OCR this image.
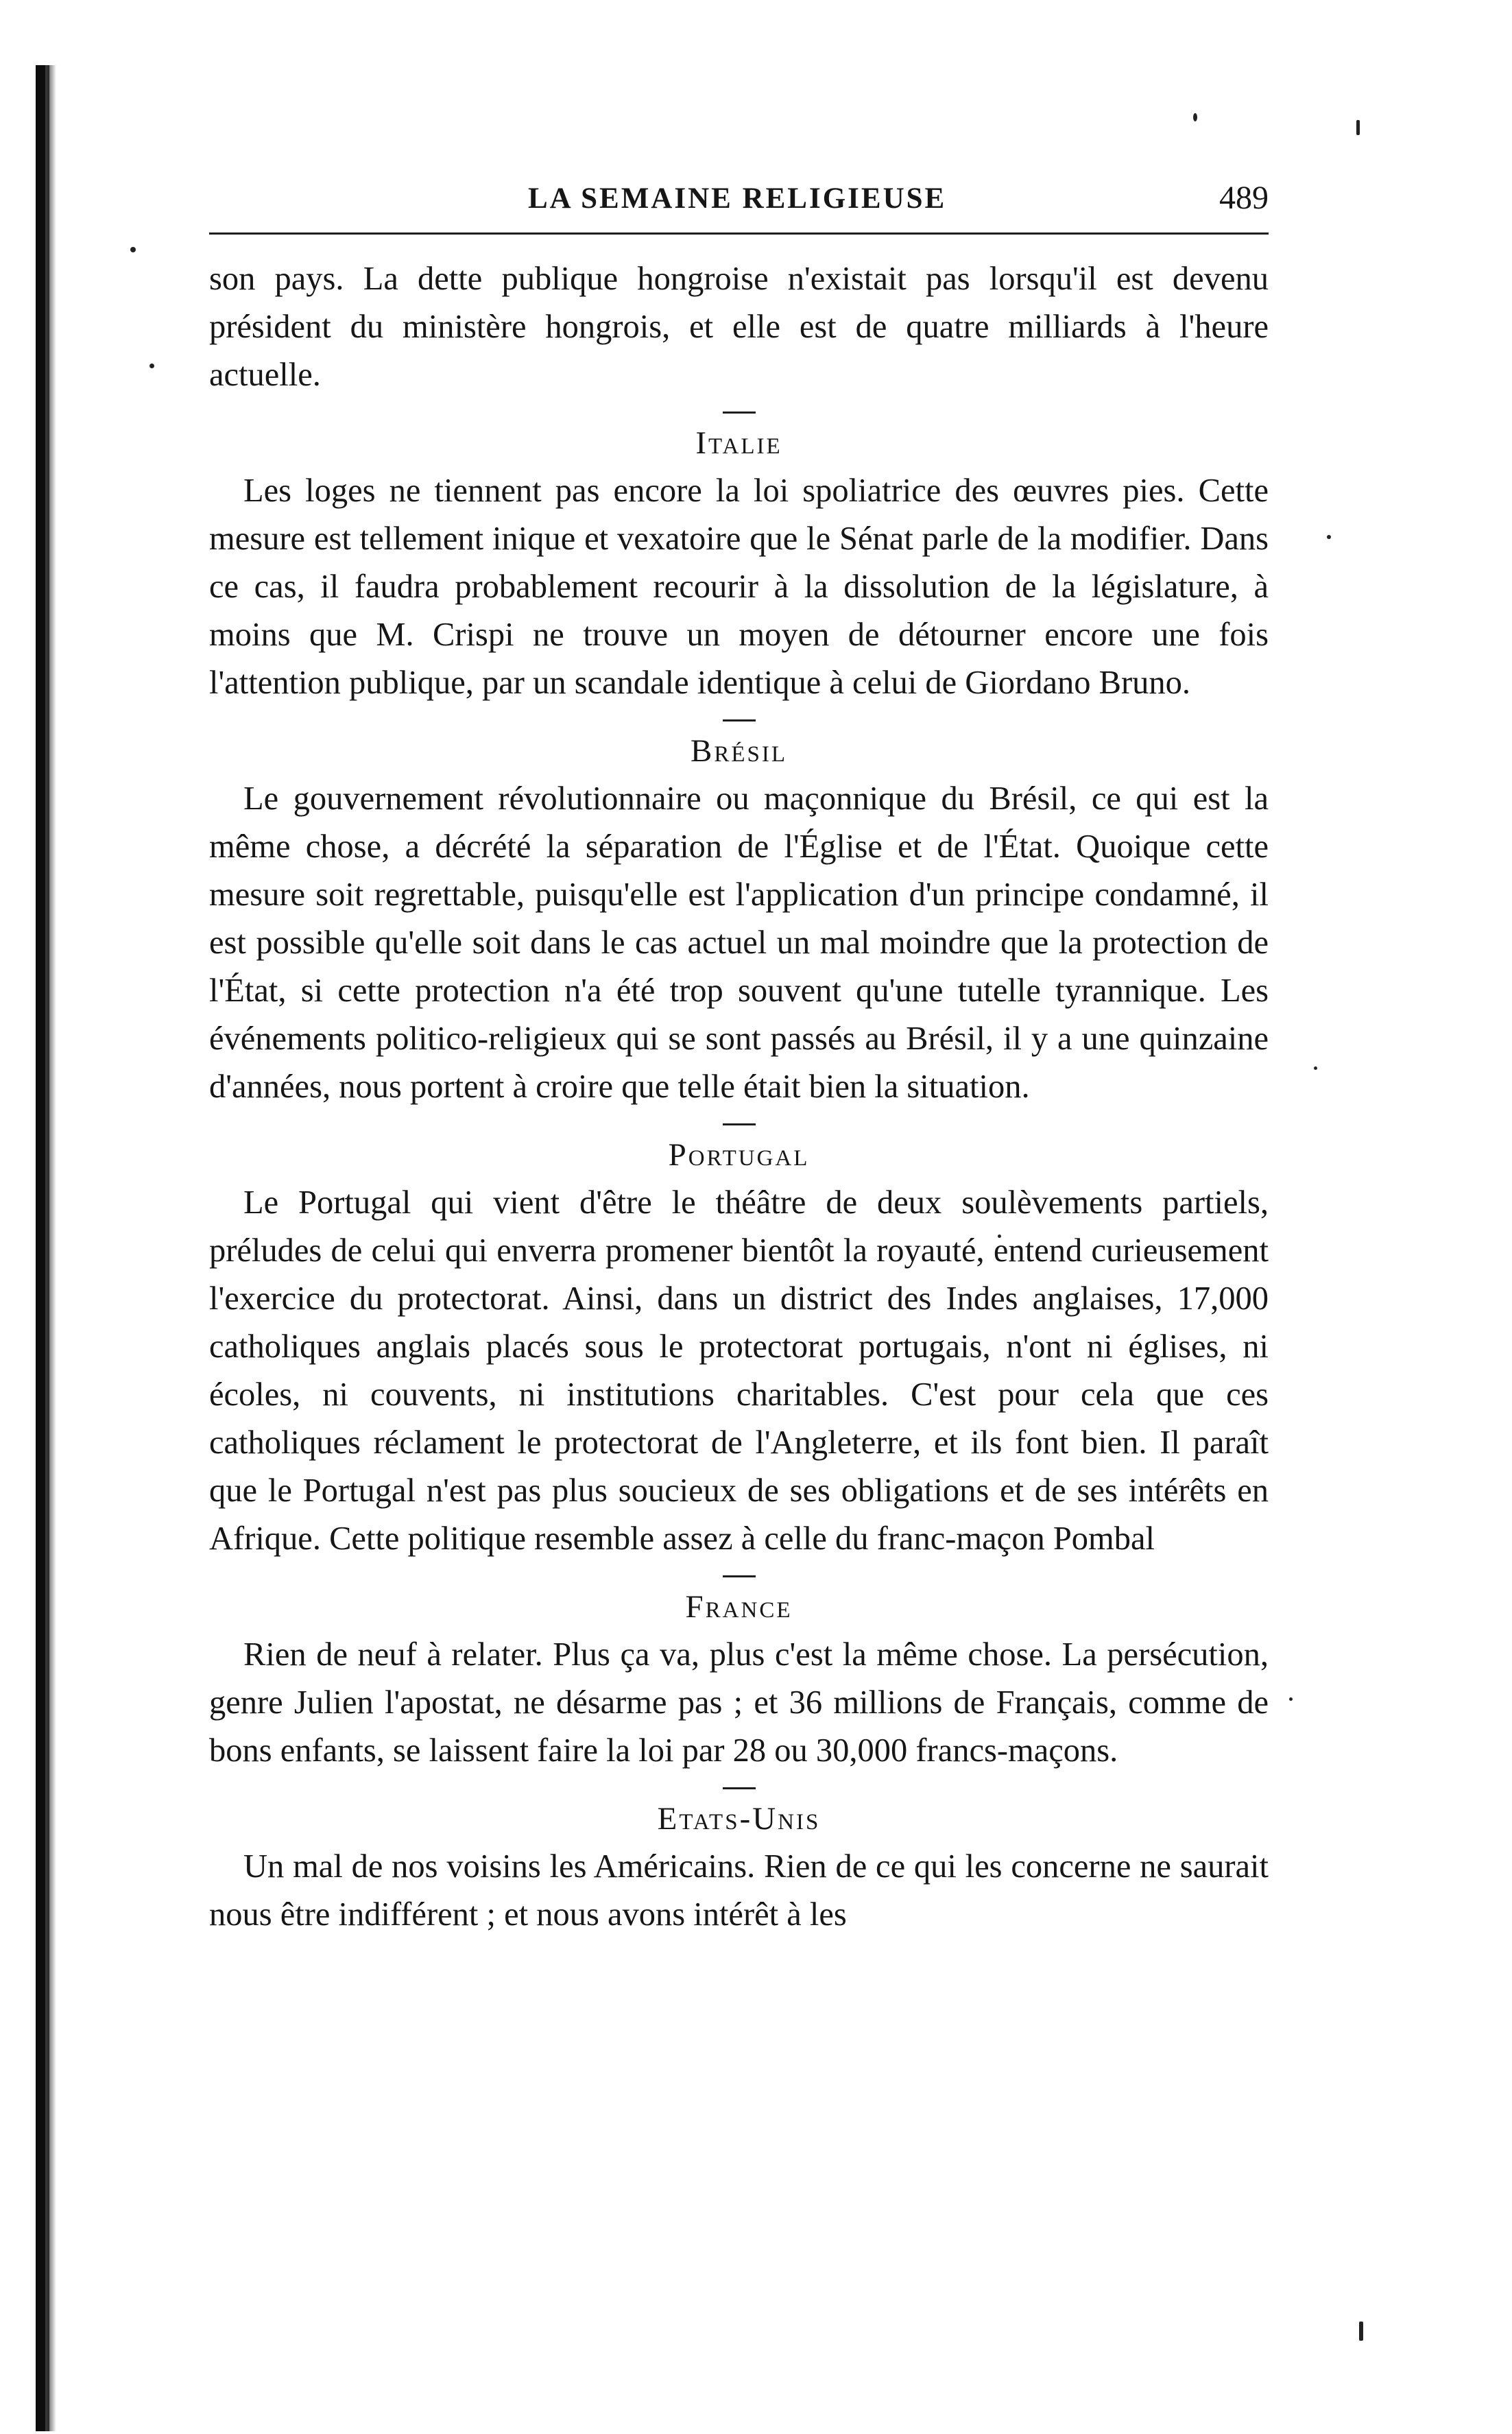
LA SEMAINE RELIGIEUSE	489

son pays. La dette publique hongroise n'existait pas lorsqu'il est devenu président du ministère hongrois, et elle est de quatre milliards à l'heure actuelle.

Italie

Les loges ne tiennent pas encore la loi spoliatrice des œuvres pies. Cette mesure est tellement inique et vexatoire que le Sénat parle de la modifier. Dans ce cas, il faudra probablement recourir à la dissolution de la législature, à moins que M. Crispi ne trouve un moyen de détourner encore une fois l'attention publique, par un scandale identique à celui de Giordano Bruno.

Brésil

Le gouvernement révolutionnaire ou maçonnique du Brésil, ce qui est la même chose, a décrété la séparation de l'Église et de l'État. Quoique cette mesure soit regrettable, puisqu'elle est l'application d'un principe condamné, il est possible qu'elle soit dans le cas actuel un mal moindre que la protection de l'État, si cette protection n'a été trop souvent qu'une tutelle tyrannique. Les événements politico-religieux qui se sont passés au Brésil, il y a une quinzaine d'années, nous portent à croire que telle était bien la situation.

Portugal

Le Portugal qui vient d'être le théâtre de deux soulèvements partiels, préludes de celui qui enverra promener bientôt la royauté, entend curieusement l'exercice du protectorat. Ainsi, dans un district des Indes anglaises, 17,000 catholiques anglais placés sous le protectorat portugais, n'ont ni églises, ni écoles, ni couvents, ni institutions charitables. C'est pour cela que ces catholiques réclament le protectorat de l'Angleterre, et ils font bien. Il paraît que le Portugal n'est pas plus soucieux de ses obligations et de ses intérêts en Afrique. Cette politique resemble assez à celle du franc-maçon Pombal

France

Rien de neuf à relater. Plus ça va, plus c'est la même chose. La persécution, genre Julien l'apostat, ne désarme pas ; et 36 millions de Français, comme de bons enfants, se laissent faire la loi par 28 ou 30,000 francs-maçons.

Etats-Unis

Un mal de nos voisins les Américains. Rien de ce qui les concerne ne saurait nous être indifférent ; et nous avons intérêt à les
